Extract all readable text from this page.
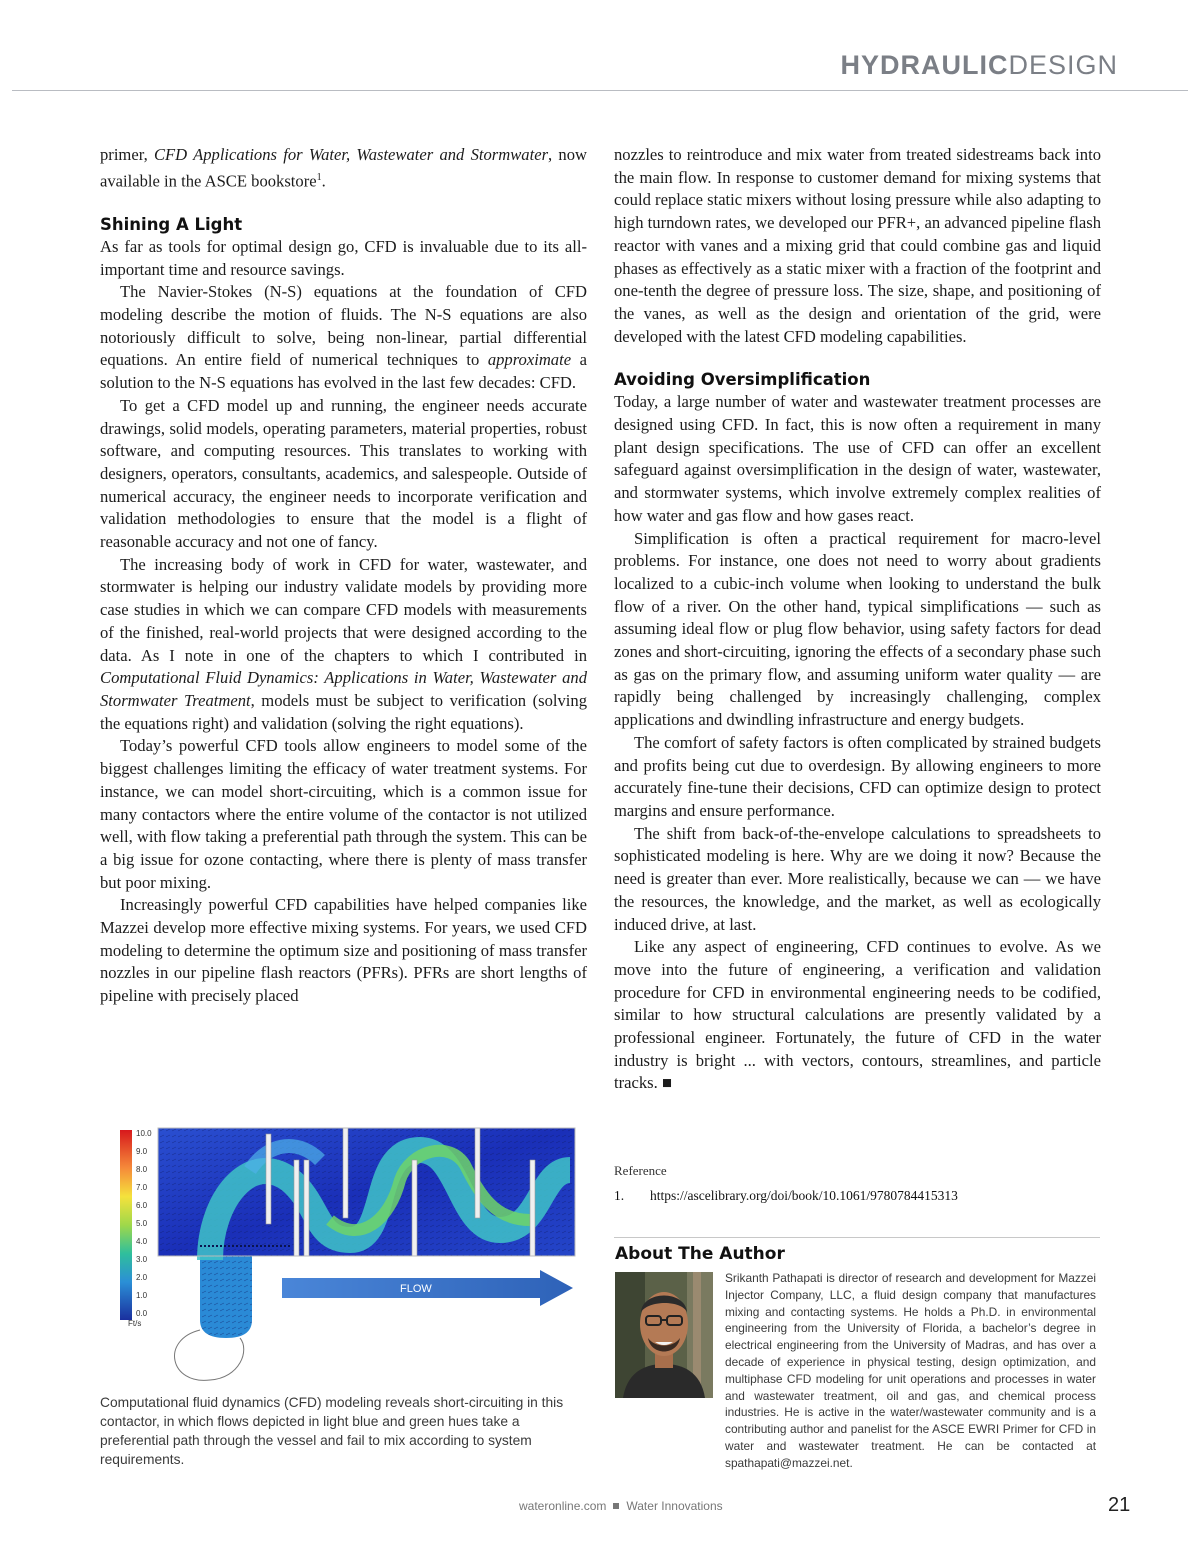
HYDRAULICDESIGN

primer, CFD Applications for Water, Wastewater and Stormwater, now available in the ASCE bookstore$^1$.

Shining A Light

As far as tools for optimal design go, CFD is invaluable due to its all-important time and resource savings.

The Navier-Stokes (N-S) equations at the foundation of CFD modeling describe the motion of fluids. The N-S equations are also notoriously difficult to solve, being non-linear, partial differential equations. An entire field of numerical techniques to approximate a solution to the N-S equations has evolved in the last few decades: CFD.

To get a CFD model up and running, the engineer needs accurate drawings, solid models, operating parameters, material properties, robust software, and computing resources. This translates to working with designers, operators, consultants, academics, and salespeople. Outside of numerical accuracy, the engineer needs to incorporate verification and validation methodologies to ensure that the model is a flight of reasonable accuracy and not one of fancy.

The increasing body of work in CFD for water, wastewater, and stormwater is helping our industry validate models by providing more case studies in which we can compare CFD models with measurements of the finished, real-world projects that were designed according to the data. As I note in one of the chapters to which I contributed in Computational Fluid Dynamics: Applications in Water, Wastewater and Stormwater Treatment, models must be subject to verification (solving the equations right) and validation (solving the right equations).

Today’s powerful CFD tools allow engineers to model some of the biggest challenges limiting the efficacy of water treatment systems. For instance, we can model short-circuiting, which is a common issue for many contactors where the entire volume of the contactor is not utilized well, with flow taking a preferential path through the system. This can be a big issue for ozone contacting, where there is plenty of mass transfer but poor mixing.

Increasingly powerful CFD capabilities have helped companies like Mazzei develop more effective mixing systems. For years, we used CFD modeling to determine the optimum size and positioning of mass transfer nozzles in our pipeline flash reactors (PFRs). PFRs are short lengths of pipeline with precisely placed

nozzles to reintroduce and mix water from treated sidestreams back into the main flow. In response to customer demand for mixing systems that could replace static mixers without losing pressure while also adapting to high turndown rates, we developed our PFR+, an advanced pipeline flash reactor with vanes and a mixing grid that could combine gas and liquid phases as effectively as a static mixer with a fraction of the footprint and one-tenth the degree of pressure loss. The size, shape, and positioning of the vanes, as well as the design and orientation of the grid, were developed with the latest CFD modeling capabilities.

Avoiding Oversimplification

Today, a large number of water and wastewater treatment processes are designed using CFD. In fact, this is now often a requirement in many plant design specifications. The use of CFD can offer an excellent safeguard against oversimplification in the design of water, wastewater, and stormwater systems, which involve extremely complex realities of how water and gas flow and how gases react.

Simplification is often a practical requirement for macro-level problems. For instance, one does not need to worry about gradients localized to a cubic-inch volume when looking to understand the bulk flow of a river. On the other hand, typical simplifications — such as assuming ideal flow or plug flow behavior, using safety factors for dead zones and short-circuiting, ignoring the effects of a secondary phase such as gas on the primary flow, and assuming uniform water quality — are rapidly being challenged by increasingly challenging, complex applications and dwindling infrastructure and energy budgets.

The comfort of safety factors is often complicated by strained budgets and profits being cut due to overdesign. By allowing engineers to more accurately fine-tune their decisions, CFD can optimize design to protect margins and ensure performance.

The shift from back-of-the-envelope calculations to spreadsheets to sophisticated modeling is here. Why are we doing it now? Because the need is greater than ever. More realistically, because we can — we have the resources, the knowledge, and the market, as well as ecologically induced drive, at last.

Like any aspect of engineering, CFD continues to evolve. As we move into the future of engineering, a verification and validation procedure for CFD in environmental engineering needs to be codified, similar to how structural calculations are presently validated by a professional engineer. Fortunately, the future of CFD in the water industry is bright ... with vectors, contours, streamlines, and particle tracks. ■

10.0
9.0
8.0
7.0
6.0
5.0
4.0
3.0
2.0
1.0
0.0
Ft/s
FLOW
Computational fluid dynamics (CFD) modeling reveals short-circuiting in this contactor, in which flows depicted in light blue and green hues take a preferential path through the vessel and fail to mix according to system requirements.
Reference
1. https://ascelibrary.org/doi/book/10.1061/9780784415313
About The Author
Srikanth Pathapati is director of research and development for Mazzei Injector Company, LLC, a fluid design company that manufactures mixing and contacting systems. He holds a Ph.D. in environmental engineering from the University of Florida, a bachelor’s degree in electrical engineering from the University of Madras, and has over a decade of experience in physical testing, design optimization, and multiphase CFD modeling for unit operations and processes in water and wastewater treatment, oil and gas, and chemical process industries. He is active in the water/wastewater community and is a contributing author and panelist for the ASCE EWRI Primer for CFD in water and wastewater treatment. He can be contacted at spathapati@mazzei.net.
wateronline.com Water Innovations	21
